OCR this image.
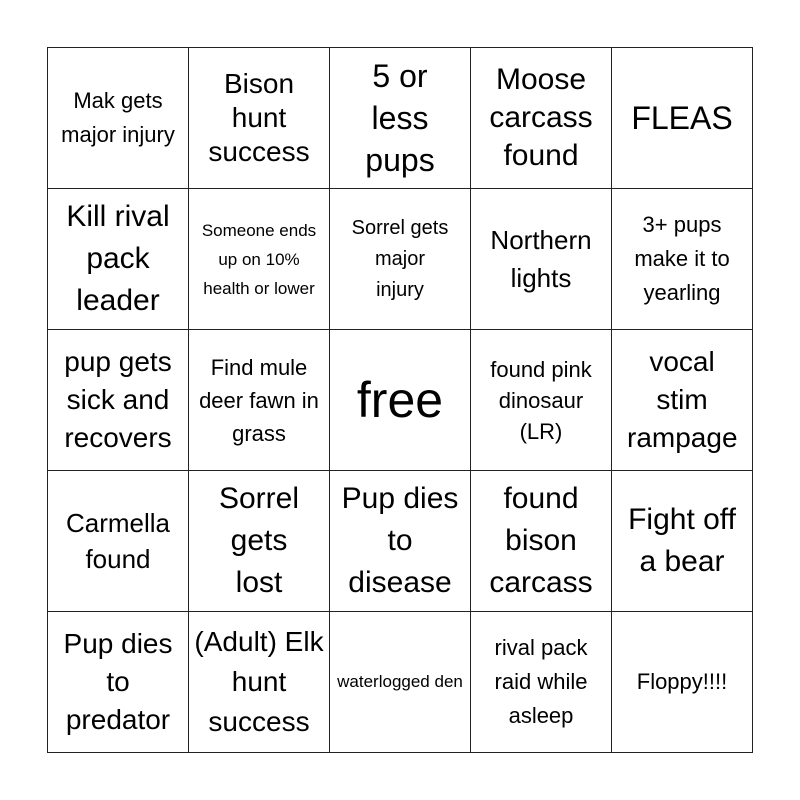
Mak gets major injury
Bison hunt success
5 or less pups
Moose carcass found
FLEAS
Kill rival pack leader
Someone ends up on 10% health or lower
Sorrel gets major injury
Northern lights
3+ pups make it to yearling
pup gets sick and recovers
Find mule deer fawn in grass
free
found pink dinosaur (LR)
vocal stim rampage
Carmella found
Sorrel gets lost
Pup dies to disease
found bison carcass
Fight off a bear
Pup dies to predator
(Adult) Elk hunt success
waterlogged den
rival pack raid while asleep
Floppy!!!!
